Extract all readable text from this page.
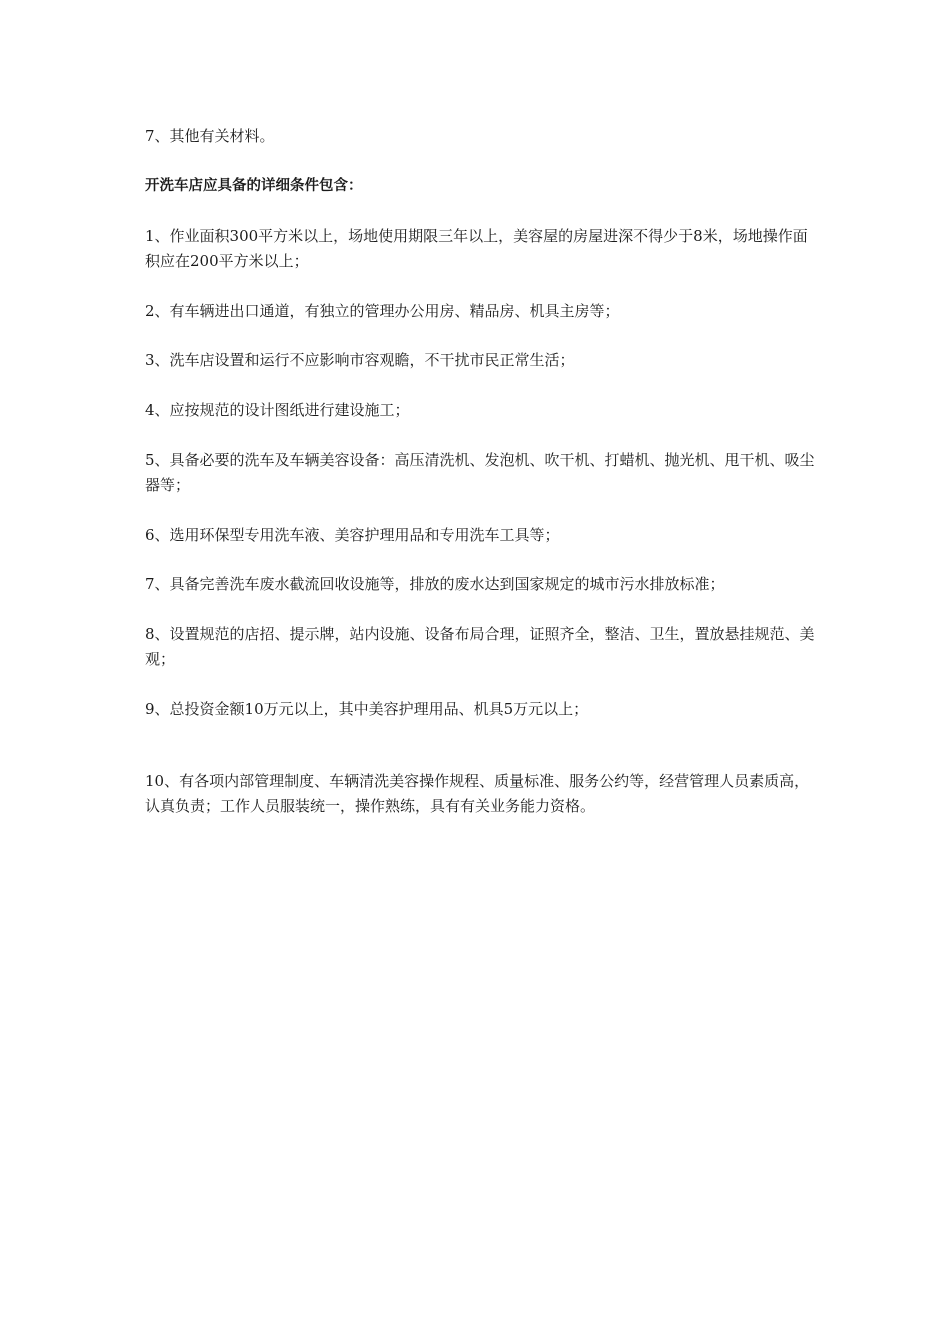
7、其他有关材料。

开洗车店应具备的详细条件包含：

1、作业面积300平方米以上，场地使用期限三年以上，美容屋的房屋进深不得少于8米，场地操作面积应在200平方米以上；

2、有车辆进出口通道，有独立的管理办公用房、精品房、机具主房等；

3、洗车店设置和运行不应影响市容观瞻，不干扰市民正常生活；

4、应按规范的设计图纸进行建设施工；

5、具备必要的洗车及车辆美容设备：高压清洗机、发泡机、吹干机、打蜡机、抛光机、甩干机、吸尘器等；

6、选用环保型专用洗车液、美容护理用品和专用洗车工具等；

7、具备完善洗车废水截流回收设施等，排放的废水达到国家规定的城市污水排放标准；

8、设置规范的店招、提示牌，站内设施、设备布局合理，证照齐全，整洁、卫生，置放悬挂规范、美观；

9、总投资金额10万元以上，其中美容护理用品、机具5万元以上；

10、有各项内部管理制度、车辆清洗美容操作规程、质量标准、服务公约等，经营管理人员素质高，认真负责；工作人员服装统一，操作熟练，具有有关业务能力资格。
